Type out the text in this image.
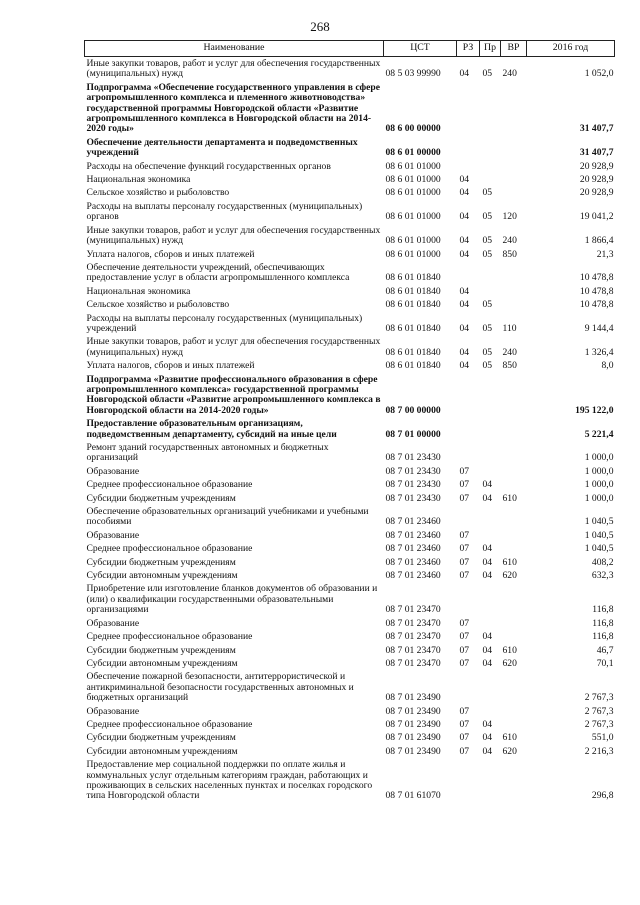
268
Наименование	ЦСТ	РЗ	Пр	ВР	2016 год
Иные закупки товаров, работ и услуг для обеспечения государственных (муниципальных) нужд	08 5 03 99990	04	05	240	1 052,0
Подпрограмма «Обеспечение государственного управления в сфере агропромышленного комплекса и племенного животноводства» государственной программы Новгородской области «Развитие агропромышленного комплекса в Новгородской области на 2014-2020 годы»	08 6 00 00000				31 407,7
Обеспечение деятельности департамента и подведомственных учреждений	08 6 01 00000				31 407,7
Расходы на обеспечение функций государственных органов	08 6 01 01000				20 928,9
Национальная экономика	08 6 01 01000	04			20 928,9
Сельское хозяйство и рыболовство	08 6 01 01000	04	05		20 928,9
Расходы на выплаты персоналу государственных (муниципальных) органов	08 6 01 01000	04	05	120	19 041,2
Иные закупки товаров, работ и услуг для обеспечения государственных (муниципальных) нужд	08 6 01 01000	04	05	240	1 866,4
Уплата налогов, сборов и иных платежей	08 6 01 01000	04	05	850	21,3
Обеспечение деятельности учреждений, обеспечивающих предоставление услуг в области агропромышленного комплекса	08 6 01 01840				10 478,8
Национальная экономика	08 6 01 01840	04			10 478,8
Сельское хозяйство и рыболовство	08 6 01 01840	04	05		10 478,8
Расходы на выплаты персоналу государственных (муниципальных) учреждений	08 6 01 01840	04	05	110	9 144,4
Иные закупки товаров, работ и услуг для обеспечения государственных (муниципальных) нужд	08 6 01 01840	04	05	240	1 326,4
Уплата налогов, сборов и иных платежей	08 6 01 01840	04	05	850	8,0
Подпрограмма «Развитие профессионального образования в сфере агропромышленного комплекса» государственной программы Новгородской области «Развитие агропромышленного комплекса в Новгородской области на 2014-2020 годы»	08 7 00 00000				195 122,0
Предоставление образовательным организациям, подведомственным департаменту, субсидий на иные цели	08 7 01 00000				5 221,4
Ремонт зданий государственных автономных и бюджетных организаций	08 7 01 23430				1 000,0
Образование	08 7 01 23430	07			1 000,0
Среднее профессиональное образование	08 7 01 23430	07	04		1 000,0
Субсидии бюджетным учреждениям	08 7 01 23430	07	04	610	1 000,0
Обеспечение образовательных организаций учебниками и учебными пособиями	08 7 01 23460				1 040,5
Образование	08 7 01 23460	07			1 040,5
Среднее профессиональное образование	08 7 01 23460	07	04		1 040,5
Субсидии бюджетным учреждениям	08 7 01 23460	07	04	610	408,2
Субсидии автономным учреждениям	08 7 01 23460	07	04	620	632,3
Приобретение или изготовление бланков документов об образовании и (или) о квалификации государственными образовательными организациями	08 7 01 23470				116,8
Образование	08 7 01 23470	07			116,8
Среднее профессиональное образование	08 7 01 23470	07	04		116,8
Субсидии бюджетным учреждениям	08 7 01 23470	07	04	610	46,7
Субсидии автономным учреждениям	08 7 01 23470	07	04	620	70,1
Обеспечение пожарной безопасности, антитеррористической и антикриминальной безопасности государственных автономных и бюджетных организаций	08 7 01 23490				2 767,3
Образование	08 7 01 23490	07			2 767,3
Среднее профессиональное образование	08 7 01 23490	07	04		2 767,3
Субсидии бюджетным учреждениям	08 7 01 23490	07	04	610	551,0
Субсидии автономным учреждениям	08 7 01 23490	07	04	620	2 216,3
Предоставление мер социальной поддержки по оплате жилья и коммунальных услуг отдельным категориям граждан, работающих и проживающих в сельских населенных пунктах и поселках городского типа Новгородской области	08 7 01 61070				296,8
